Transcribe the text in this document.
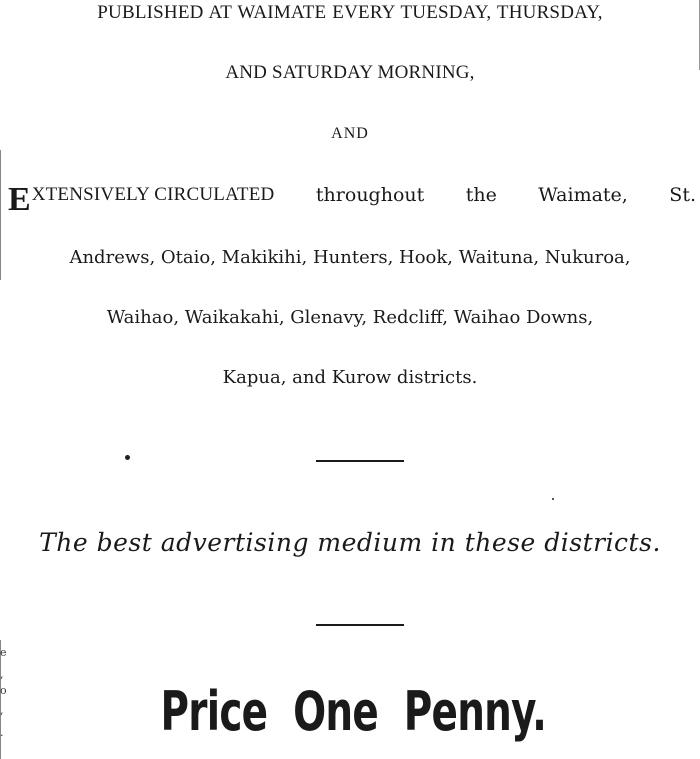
PUBLISHED AT WAIMATE EVERY TUESDAY, THURSDAY,
AND SATURDAY MORNING,
AND
E XTENSIVELY CIRCULATED throughout the Waimate, St.
Andrews, Otaio, Makikihi, Hunters, Hook, Waituna, Nukuroa,
Waihao, Waikakahi, Glenavy, Redcliff, Waihao Downs,
Kapua, and Kurow districts.
The best advertising medium in these districts.
Price One Penny.
e
,
o
,
.
